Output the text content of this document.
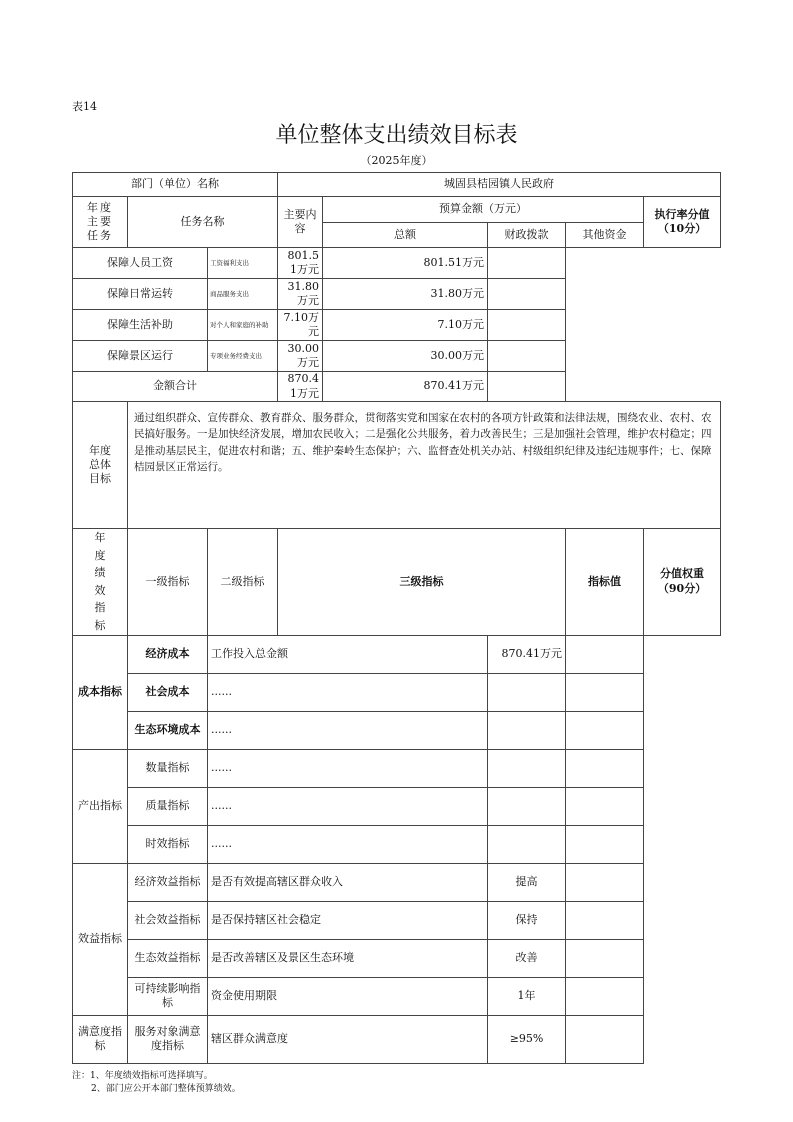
表14
单位整体支出绩效目标表
（2025年度）
部门（单位）名称			城固县桔园镇人民政府				
年度主要任务	任务名称		主要内容	预算金额（万元）			执行率分值
（10分）

				总额	财政拨款	其他资金	
保障人员工资		工资福利支出	801.51万元	801.51万元			
保障日常运转		商品服务支出	31.80万元	31.80万元			
保障生活补助		对个人和家庭的补助	7.10万元	7.10万元			
保障景区运行		专项业务经费支出	30.00万元	30.00万元			
金额合计			870.41万元	870.41万元			
年度总体目标	通过组织群众、宣传群众、教育群众、服务群众，贯彻落实党和国家在农村的各项方针政策和法律法规，围绕农业、农村、农民搞好服务。一是加快经济发展，增加农民收入；二是强化公共服务，着力改善民生；三是加强社会管理，维护农村稳定；四是推动基层民主，促进农村和谐；五、维护秦岭生态保护；六、监督查处机关办站、村级组织纪律及违纪违规事件；七、保障桔园景区正常运行。						
年度绩效指标	一级指标	二级指标	三级指标			指标值	分值权重
（90分）

成本指标	经济成本	工作投入总金额			870.41万元		
	社会成本	......					
	生态环境成本	......					
产出指标	数量指标	......					
	质量指标	......					
	时效指标	......					
效益指标	经济效益指标	是否有效提高辖区群众收入			提高		
	社会效益指标	是否保持辖区社会稳定			保持		
	生态效益指标	是否改善辖区及景区生态环境			改善		
	可持续影响指标	资金使用期限			1年		
满意度指标	服务对象满意度指标	辖区群众满意度			≥95%		
注：1、年度绩效指标可选择填写。
2、部门应公开本部门整体预算绩效。
